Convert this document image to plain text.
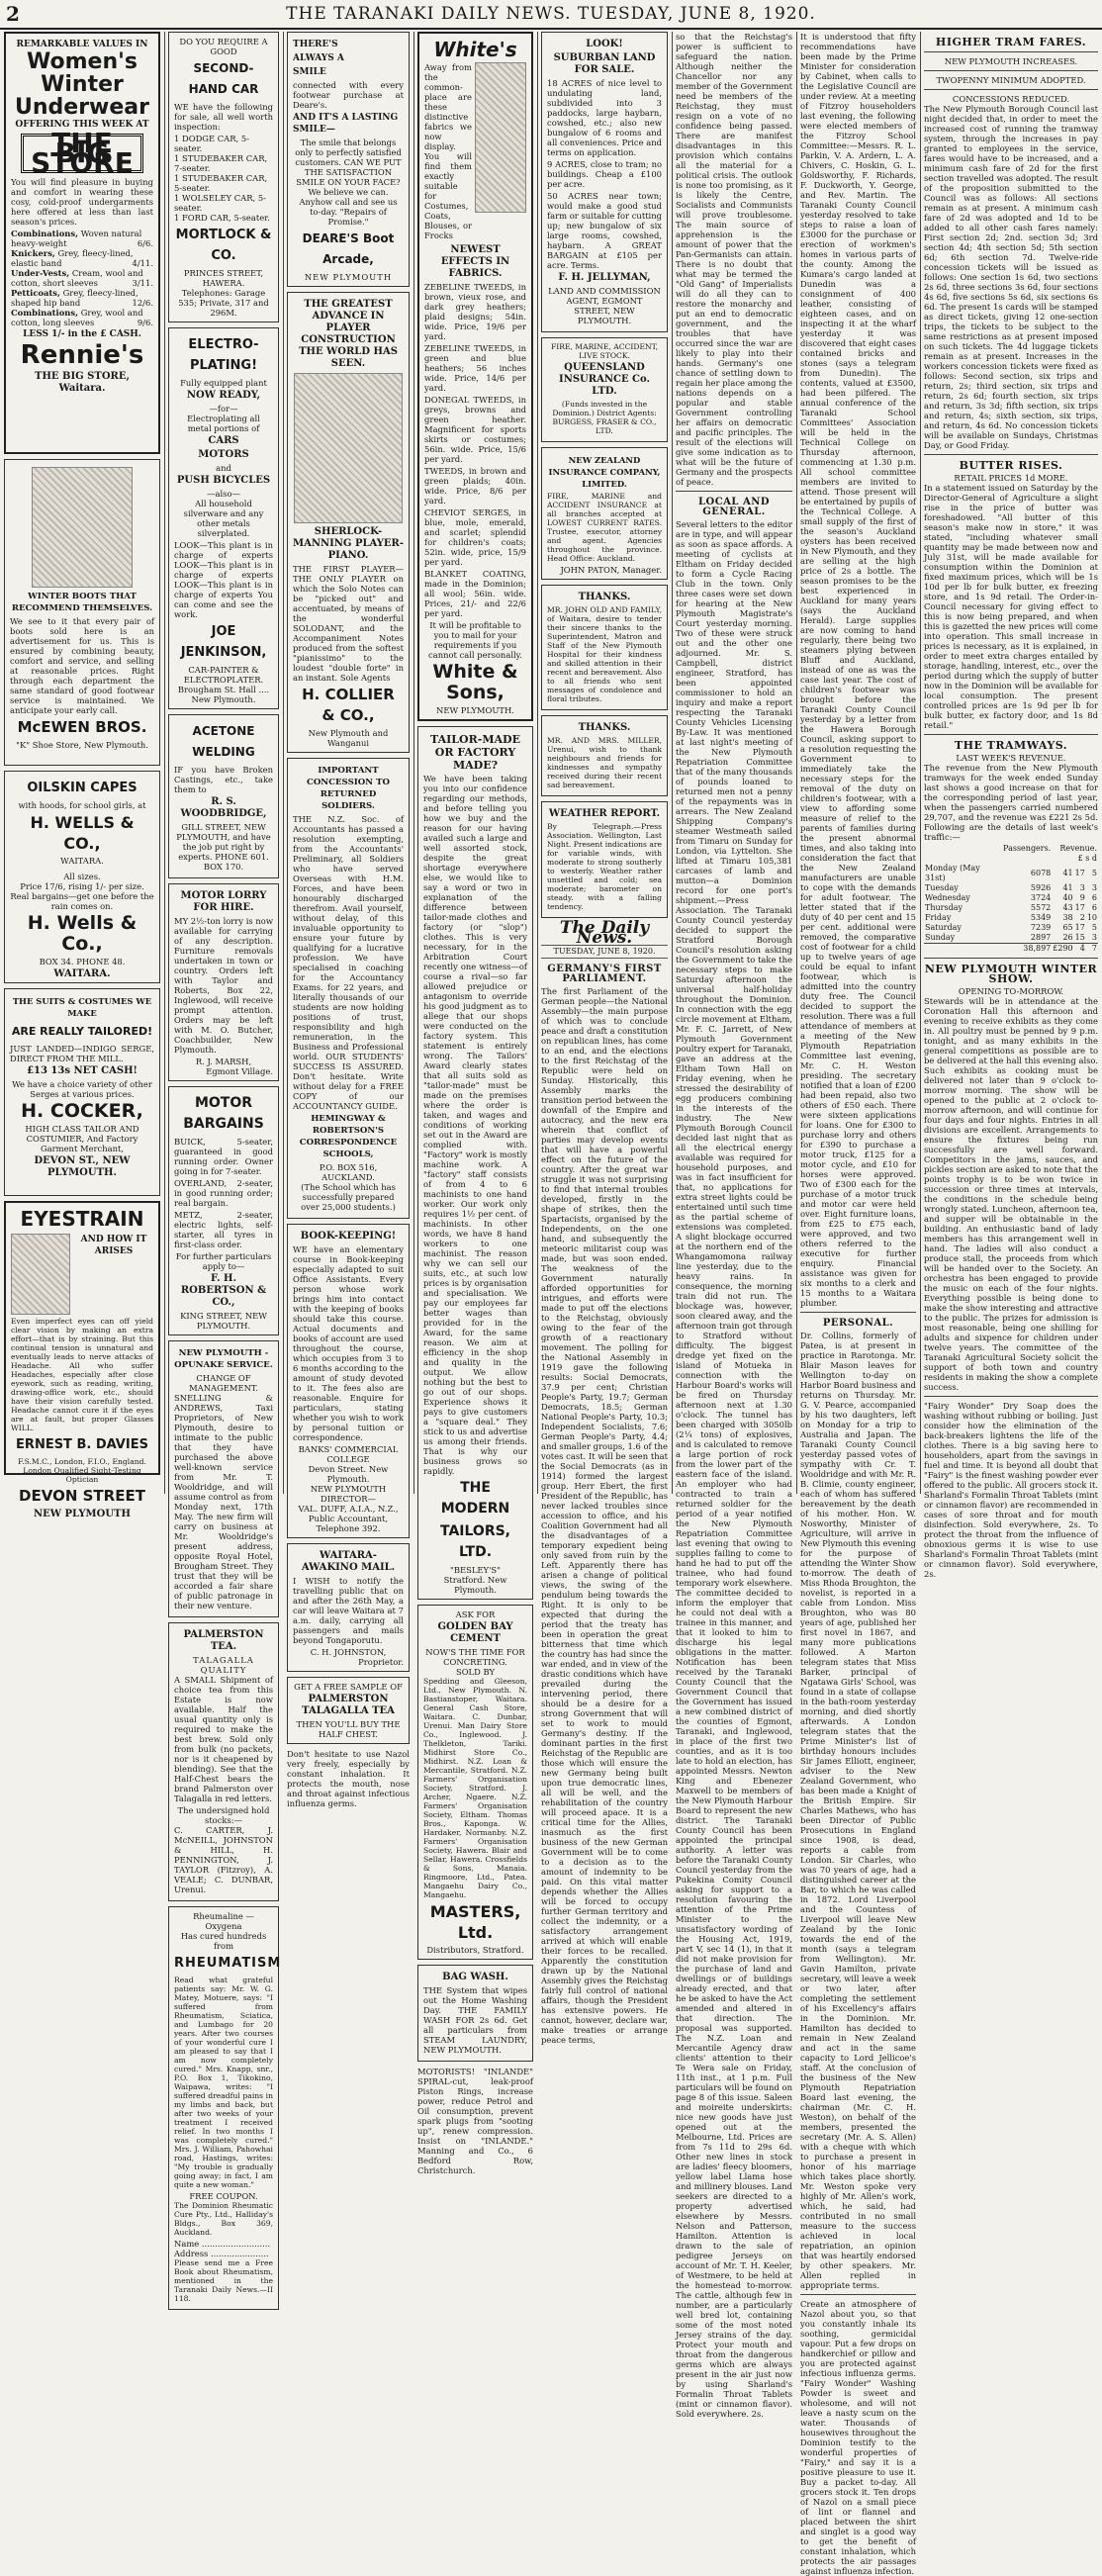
2	THE TARANAKI DAILY NEWS. TUESDAY, JUNE 8, 1920.
REMARKABLE VALUES IN
Women's
Winter
Underwear
OFFERING THIS WEEK AT
THE BIG STORE

You will find pleasure in buying and comfort in wearing these cosy, cold-proof undergarments here offered at less than last season's prices.

Combinations, Woven natural heavy-weight	6/6.
Knickers, Grey, fleecy-lined, elastic band	4/11.
Under-Vests, Cream, wool and cotton, short sleeves	3/11.
Petticoats, Grey, fleecy-lined, shaped hip band	12/6.
Combinations, Grey, wool and cotton, long sleeves	9/6.
LESS 1/- in the £ CASH.
Rennie's
THE BIG STORE, Waitara.
WINTER BOOTS THAT RECOMMEND THEMSELVES.

We see to it that every pair of boots sold here is an advertisement for us. This is ensured by combining beauty, comfort and service, and selling at reasonable prices. Right through each department the same standard of good footwear service is maintained. We anticipate your early call.

McEWEN BROS.
"K" Shoe Store, New Plymouth.
OILSKIN CAPES
with hoods, for school girls, at
H. WELLS & CO.,
WAITARA.
All sizes.

Price 17/6, rising 1/- per size. Real bargains—get one before the rain comes on.

H. Wells & Co.,
BOX 34. PHONE 48.
WAITARA.
THE SUITS & COSTUMES WE MAKE
ARE REALLY TAILORED!

JUST LANDED—INDIGO SERGE, DIRECT FROM THE MILL.

£13 13s NET CASH!

We have a choice variety of other Serges at various prices.

H. COCKER,
HIGH CLASS TAILOR AND COSTUMIER, And Factory Garment Merchant,
DEVON ST., NEW PLYMOUTH.
EYESTRAIN
AND HOW IT ARISES

Even imperfect eyes can off yield clear vision by making an extra effort—that is by straining. But this continual tension is unnatural and eventually leads to nerve attacks of Headache. All who suffer Headaches, especially after close eyework, such as reading, writing, drawing-office work, etc., should have their vision carefully tested. Headache cannot cure it if the eyes are at fault, but proper Glasses WILL.

ERNEST B. DAVIES
F.S.M.C., London, F.I.O., England. London Qualified Sight-Testing Optician
DEVON STREET
NEW PLYMOUTH
DO YOU REQUIRE A GOOD
SECOND-HAND CAR

WE have the following for sale, all well worth inspection:

1 DODGE CAR, 5-seater.
1 STUDEBAKER CAR, 7-seater.
1 STUDEBAKER CAR, 5-seater.
1 WOLSELEY CAR, 5-seater.
1 FORD CAR, 5-seater.
MORTLOCK & CO.
PRINCES STREET, HAWERA.
Telephones: Garage 535; Private, 317 and 296M.
ELECTRO-PLATING!
Fully equipped plant
NOW READY,
—for—
Electroplating all metal portions of
CARS
MOTORS
and
PUSH BICYCLES
—also—

All household silverware and any other metals silverplated.

LOOK—This plant is in charge of experts LOOK—This plant is in charge of experts LOOK—This plant is in charge of experts You can come and see the work.

JOE JENKINSON,
CAR-PAINTER & ELECTROPLATER.
Brougham St. Hall .... New Plymouth.
ACETONE WELDING

IF you have Broken Castings, etc., take them to

R. S. WOODBRIDGE,

GILL STREET, NEW PLYMOUTH, and have the job put right by experts. PHONE 601. BOX 170.

MOTOR LORRY FOR HIRE.

MY 2½-ton lorry is now available for carrying of any description. Furniture removals undertaken in town or country. Orders left with Taylor and Roberts, Box 22, Inglewood, will receive prompt attention. Orders may be left with M. O. Butcher, Coachbuilder, New Plymouth.

R. J. MARSH,
Egmont Village.
MOTOR BARGAINS

BUICK, 5-seater, guaranteed in good running order. Owner going in for 7-seater.

OVERLAND, 2-seater, in good running order; real bargain.

METZ, 2-seater, electric lights, self-starter, all tyres in first-class order.

For further particulars apply to—
F. H. ROBERTSON & CO.,
KING STREET, NEW PLYMOUTH.
NEW PLYMOUTH - OPUNAKE SERVICE.
CHANGE OF MANAGEMENT.

SNELLING & ANDREWS, Taxi Proprietors, of New Plymouth, desire to intimate to the public that they have purchased the above well-known service from Mr. T. Wooldridge, and will assume control as from Monday next, 17th May. The new firm will carry on business at Mr. Wooldridge's present address, opposite Royal Hotel, Brougham Street. They trust that they will be accorded a fair share of public patronage in their new venture.

PALMERSTON TEA.
TALAGALLA QUALITY

A SMALL Shipment of choice tea from this Estate is now available. Half the usual quantity only is required to make the best brew. Sold only from bulk (no packets, nor is it cheapened by blending). See that the Half-Chest bears the brand Palmerston over Talagalla in red letters.

The undersigned hold stocks:—

C. CARTER, J. McNEILL, JOHNSTON & HILL, H. PENNINGTON, J. TAYLOR (Fitzroy), A. VEALE; C. DUNBAR, Urenui.

Rheumaline — Oxygena
Has cured hundreds from
RHEUMATISM

Read what grateful patients say: Mr. W. G. Matey, Motuere, says: "I suffered from Rheumatism, Sciatica, and Lumbago for 20 years. After two courses of your wonderful cure I am pleased to say that I am now completely cured." Mrs. Knapp, snr., P.O. Box 1, Tikokino, Waipawa, writes: "I suffered dreadful pains in my limbs and back, but after two weeks of your treatment I received relief. In two months I was completely cured." Mrs. J. William, Pahowhai road, Hastings, writes: "My trouble is gradually going away; in fact, I am quite a new woman."

FREE COUPON.

The Dominion Rheumatic Cure Pty., Ltd., Halliday's Bldgs., Box 369, Auckland.

Name ..........................
Address ......................

Please send me a Free Book about Rheumatism, mentioned in the Taranaki Daily News.—II 118.

THERE'S
ALWAYS A
SMILE

connected with every footwear purchase at Deare's.

AND IT'S A LASTING SMILE—

The smile that belongs only to perfectly satisfied customers. CAN WE PUT THE SATISFACTION SMILE ON YOUR FACE? We believe we can. Anyhow call and see us to-day. "Repairs of Promise."

DEARE'S Boot Arcade,
NEW PLYMOUTH
THE GREATEST ADVANCE IN PLAYER CONSTRUCTION THE WORLD HAS SEEN.
SHERLOCK-MANNING PLAYER-PIANO.

THE FIRST PLAYER—THE ONLY PLAYER on which the Solo Notes can be "picked out" and accentuated, by means of the wonderful SOLODANT, and the Accompaniment Notes produced from the softest "pianissimo" to the loudest "double forte" in an instant. Sole Agents

H. COLLIER & CO.,
New Plymouth and Wanganui
IMPORTANT CONCESSION TO RETURNED SOLDIERS.

THE N.Z. Soc. of Accountants has passed a resolution exempting, from the Accountants' Preliminary, all Soldiers who have served Overseas with H.M. Forces, and have been honourably discharged therefrom. Avail yourself, without delay, of this invaluable opportunity to ensure your future by qualifying for a lucrative profession. We have specialised in coaching for the Accountancy Exams. for 22 years, and literally thousands of our students are now holding positions of trust, responsibility and high remuneration, in the Business and Professional world. OUR STUDENTS' SUCCESS IS ASSURED. Don't hesitate. Write without delay for a FREE COPY of our ACCOUNTANCY GUIDE.

HEMINGWAY & ROBERTSON'S CORRESPONDENCE SCHOOLS,
P.O. BOX 516, AUCKLAND.

(The School which has successfully prepared over 25,000 students.)

BOOK-KEEPING!

WE have an elementary course in Book-keeping especially adapted to suit Office Assistants. Every person whose work brings him into contact with the keeping of books should take this course. Actual documents and books of account are used throughout the course, which occupies from 3 to 6 months according to the amount of study devoted to it. The fees also are reasonable. Enquire for particulars, stating whether you wish to work by personal tuition or correspondence.

BANKS' COMMERCIAL COLLEGE
Devon Street. New Plymouth.
NEW PLYMOUTH DIRECTOR—
VAL. DUFF, A.I.A., N.Z.,
Public Accountant, Telephone 392.
WAITARA-AWAKINO MAIL.

I WISH to notify the travelling public that on and after the 26th May, a car will leave Waitara at 7 a.m. daily, carrying all passengers and mails beyond Tongaporutu.

C. H. JOHNSTON,
Proprietor.
GET A FREE SAMPLE OF
PALMERSTON TALAGALLA TEA
THEN YOU'LL BUY THE HALF CHEST.

Don't hesitate to use Nazol very freely, especially by constant inhalation. It protects the mouth, nose and throat against infectious influenza germs.

White's

Away from the common-place are these distinctive fabrics we now display. You will find them exactly suitable for Costumes, Coats, Blouses, or Frocks

NEWEST EFFECTS IN FABRICS.

ZEBELINE TWEEDS, in brown, vieux rose, and dark grey heathers; plaid designs; 54in. wide. Price, 19/6 per yard.

ZEBELINE TWEEDS, in green and blue heathers; 56 inches wide. Price, 14/6 per yard.

DONEGAL TWEEDS, in greys, browns and green heather. Magnificent for sports skirts or costumes; 56in. wide. Price, 15/6 per yard.

TWEEDS, in brown and green plaids; 40in. wide. Price, 8/6 per yard.

CHEVIOT SERGES, in blue, mole, emerald, and scarlet; splendid for children's coats; 52in. wide, price, 15/9 per yard.

BLANKET COATING, made in the Dominion; all wool; 56in. wide. Prices, 21/- and 22/6 per yard.

It will be profitable to you to mail for your requirements if you cannot call personally.

White & Sons,
NEW PLYMOUTH.
TAILOR-MADE OR FACTORY MADE?

We have been taking you into our confidence regarding our methods, and before telling you how we buy and the reason for our having availed such a large and well assorted stock, despite the great shortage everywhere else, we would like to say a word or two in explanation of the difference between tailor-made clothes and factory (or "slop") clothes. This is very necessary, for in the Arbitration Court recently one witness—of course a rival—so far allowed prejudice or antagonism to override his good judgment as to allege that our shops were conducted on the factory system. This statement is entirely wrong. The Tailors' Award clearly states that all suits sold as "tailor-made" must be made on the premises where the order is taken, and wages and conditions of working set out in the Award are complied with. "Factory" work is mostly machine work. A "factory" staff consists of from 4 to 6 machinists to one hand worker. Our work only requires 1½ per cent. of machinists. In other words, we have 8 hand workers to one machinist. The reason why we can sell our suits, etc., at such low prices is by organisation and specialisation. We pay our employees far better wages than provided for in the Award, for the same reason. We aim at efficiency in the shop and quality in the output. We allow nothing but the best to go out of our shops. Experience shows it pays to give customers a "square deal." They stick to us and advertise us among their friends. That is why our business grows so rapidly.

THE MODERN
TAILORS, LTD.
"BESLEY'S"
Stratford. New Plymouth.
ASK FOR
GOLDEN BAY CEMENT
NOW'S THE TIME FOR CONCRETING.
SOLD BY

Spedding and Gleeson, Ltd., New Plymouth. N. Bastianstoper, Waitara. General Cash Store, Waitara. C. Dunbar, Urenui. Man Dairy Store Co., Inglewood. J. Thelkleton, Tariki. Midhirst Store Co., Midhirst. N.Z. Loan & Mercantile, Stratford. N.Z. Farmers' Organisation Society, Stratford. J. Archer, Ngaere. N.Z. Farmers' Organisation Society, Eltham. Thomas Bros., Kaponga. W. Hardaker, Normanby. N.Z. Farmers' Organisation Society, Hawera. Blair and Sellar, Hawera. Crossfields & Sons, Manaia. Ringmoore, Ltd., Patea. Mangaehu Dairy Co., Mangaehu.

MASTERS, Ltd.
Distributors, Stratford.
BAG WASH.

THE System that wipes out the Home Washing Day. THE FAMILY WASH FOR 2s 6d. Get all particulars from STEAM LAUNDRY, NEW PLYMOUTH.

MOTORISTS! "INLANDE" SPIRAL-cut, leak-proof Piston Rings, increase power, reduce Petrol and Oil consumption, prevent spark plugs from "sooting up", renew compression. Insist on "INLANDE." Manning and Co., 6 Bedford Row, Christchurch.

LOOK!
SUBURBAN LAND FOR SALE.

18 ACRES of nice level to undulating land, subdivided into 3 paddocks, large haybarn, cowshed, etc.; also new bungalow of 6 rooms and all conveniences. Price and terms on application.

9 ACRES, close to tram; no buildings. Cheap a £100 per acre.

50 ACRES near town; would make a good stud farm or suitable for cutting up; new bungalow of six large rooms, cowshed, haybarn. A GREAT BARGAIN at £105 per acre. Terms.

F. H. JELLYMAN,

LAND AND COMMISSION AGENT, EGMONT STREET, NEW PLYMOUTH.

FIRE, MARINE, ACCIDENT, LIVE STOCK.
QUEENSLAND INSURANCE Co. LTD.

(Funds invested in the Dominion.) District Agents: BURGESS, FRASER & CO., LTD.

NEW ZEALAND INSURANCE COMPANY, LIMITED.

FIRE, MARINE and ACCIDENT INSURANCE at all branches accepted at LOWEST CURRENT RATES. Trustee, executor, attorney and agent. Agencies throughout the province. Head Office: Auckland.

JOHN PATON, Manager.
THANKS.

MR. JOHN OLD AND FAMILY, of Waitara, desire to tender their sincere thanks to the Superintendent, Matron and Staff of the New Plymouth Hospital for their kindness and skilled attention in their recent and bereavement. Also to all friends who sent messages of condolence and floral tributes.

THANKS.

MR. AND MRS. MILLER, Urenui, wish to thank neighbours and friends for kindnesses and sympathy received during their recent sad bereavement.

WEATHER REPORT.

By Telegraph.—Press Association. Wellington, Last Night. Present indications are for variable winds, with moderate to strong southerly to westerly. Weather rather unsettled and cold; sea moderate; barometer on steady. with a falling tendency.

The Daily News.
TUESDAY, JUNE 8, 1920.
GERMANY'S FIRST PARLIAMENT.

The first Parliament of the German people—the National Assembly—the main purpose of which was to conclude peace and draft a constitution on republican lines, has come to an end, and the elections to the first Reichstag of the Republic were held on Sunday. Historically, this Assembly marks the transition period between the downfall of the Empire and autocracy, and the new era wherein that conflict of parties may develop events that will have a powerful effect on the future of the country. After the great war struggle it was not surprising to find that internal troubles developed, firstly in the shape of strikes, then the Spartacists, organised by the Independents, on the one hand, and subsequently the meteoric militarist coup was made, but was soon ended. The weakness of the Government naturally afforded opportunities for intrigues, and efforts were made to put off the elections to the Reichstag, obviously owing to the fear of the growth of a reactionary movement. The polling for the National Assembly in 1919 gave the following results: Social Democrats, 37.9 per cent; Christian People's Party, 19.7; German Democrats, 18.5; German National People's Party, 10.3; Independent Socialists, 7.6; German People's Party, 4.4; and smaller groups, 1.6 of the votes cast. It will be seen that the Social Democrats (as in 1914) formed the largest group. Herr Ebert, the first President of the Republic, has never lacked troubles since accession to office, and his Coalition Government had all the disadvantages of a temporary expedient being only saved from ruin by the Left. Apparently there has arisen a change of political views, the swing of the pendulum being towards the Right. It is only to be expected that during the period that the treaty has been in operation the great bitterness that time which the country has had since the war ended, and in view of the drastic conditions which have prevailed during the intervening period, there should be a desire for a strong Government that will set to work to mould Germany's destiny. If the dominant parties in the first Reichstag of the Republic are those which will ensure the new Germany being built upon true democratic lines, all will be well, and the rehabilitation of the country will proceed apace. It is a critical time for the Allies, inasmuch as the first business of the new German Government will be to come to a decision as to the amount of indemnity to be paid. On this vital matter depends whether the Allies will be forced to occupy further German territory and collect the indemnity, or a satisfactory arrangement arrived at which will enable their forces to be recalled. Apparently the constitution drawn up by the National Assembly gives the Reichstag fairly full control of national affairs, though the President has extensive powers. He cannot, however, declare war, make treaties or arrange peace terms,

so that the Reichstag's power is sufficient to safeguard the nation. Although neither the Chancellor nor any member of the Government need be members of the Reichstag, they must resign on a vote of no confidence being passed. There are manifest disadvantages in this provision which contains all the material for a political crisis. The outlook is none too promising, as it is likely the Centre, Socialists and Communists will prove troublesome. The main source of apprehension is the amount of power that the Pan-Germanists can attain. There is no doubt that what may be termed the "Old Gang" of Imperialists will do all they can to restore the monarchy and put an end to democratic government, and the troubles that have occurred since the war are likely to play into their hands. Germany's one chance of settling down to regain her place among the nations depends on a popular and stable Government controlling her affairs on democratic and pacific principles. The result of the elections will give some indication as to what will be the future of Germany and the prospects of peace.

LOCAL AND GENERAL.

Several letters to the editor are in type, and will appear as soon as space affords. A meeting of cyclists at Eltham on Friday decided to form a Cycle Racing Club in the town. Only three cases were set down for hearing at the New Plymouth Magistrate's Court yesterday morning. Two of these were struck out and the other one adjourned. Mr. S. Campbell, district engineer, Stratford, has been appointed commissioner to hold an inquiry and make a report respecting the Taranaki County Vehicles Licensing By-Law. It was mentioned at last night's meeting of the New Plymouth Repatriation Committee that of the many thousands of pounds loaned to returned men not a penny of the repayments was in arrears. The New Zealand Shipping Company's steamer Westmeath sailed from Timaru on Sunday for London, via Lyttelton. She lifted at Timaru 105,381 carcases of lamb and mutton—a Dominion record for one port's shipment.—Press Association. The Taranaki County Council yesterday decided to support the Stratford Borough Council's resolution asking the Government to take the necessary steps to make Saturday afternoon the universal half-holiday throughout the Dominion. In connection with the egg circle movement at Eltham, Mr. F. C. Jarrett, of New Plymouth Government poultry expert for Taranaki, gave an address at the Eltham Town Hall on Friday evening, when he stressed the desirability of egg producers combining in the interests of the industry. The New Plymouth Borough Council decided last night that as all the electrical energy available was required for household purposes, and was in fact insufficient for that, no applications for extra street lights could be entertained until such time as the partial scheme of extensions was completed. A slight blockage occurred at the northern end of the Whangamomona railway line yesterday, due to the heavy rains. In consequence, the morning train did not run. The blockage was, however, soon cleared away, and the afternoon train got through to Stratford without difficulty. The biggest dredge yet fixed on the island of Motueka in connection with the Harbour Board's works will be fired on Thursday afternoon next at 1.30 o'clock. The tunnel has been charged with 3050lb (2¼ tons) of explosives, and is calculated to remove a large portion of rock from the lower part of the eastern face of the island. An employer who had contracted to train a returned soldier for the period of a year notified the New Plymouth Repatriation Committee last evening that owing to supplies failing to come to hand he had to put off the trainee, who had found temporary work elsewhere. The committee decided to inform the employer that he could not deal with a trainee in this manner, and that it looked to him to discharge his legal obligations in the matter. Notification has been received by the Taranaki County Council that the Government Council that the Government has issued a new combined district of the counties of Egmont, Taranaki, and Inglewood, in place of the first two counties, and as it is too late to hold an election, has appointed Messrs. Newton King and Ebenezer Maxwell to be members of the New Plymouth Harbour Board to represent the new district. The Taranaki County Council has been appointed the principal authority. A letter was before the Taranaki County Council yesterday from the Pukekina Comity Council asking for support to a resolution favouring the attention of the Prime Minister to the unsatisfactory wording of the Housing Act, 1919, part V, sec 14 (1), in that it did not make provision for the purchase of land and dwellings or of buildings already erected, and that he be asked to have the Act amended and altered in that direction. The proposal was supported. The N.Z. Loan and Mercantile Agency draw clients' attention to their Te Wera sale on Friday, 11th inst., at 1 p.m. Full particulars will be found on page 8 of this issue. Saleen and moireite underskirts: nice new goods have just opened out at the Melbourne, Ltd. Prices are from 7s 11d to 29s 6d. Other new lines in stock are ladies' fleecy bloomers, yellow label Llama hose and millinery blouses. Land seekers are directed to a property advertised elsewhere by Messrs. Nelson and Patterson, Hamilton. Attention is drawn to the sale of pedigree Jerseys on account of Mr. T. H. Keeler, of Westmere, to be held at the homestead to-morrow. The cattle, although few in number, are a particularly well bred lot, containing some of the most noted Jersey strains of the day. Protect your mouth and throat from the dangerous germs which are always present in the air just now by using Sharland's Formalin Throat Tablets (mint or cinnamon flavor). Sold everywhere. 2s.

It is understood that fifty recommendations have been made by the Prime Minister for consideration by Cabinet, when calls to the Legislative Council are under review. At a meeting of Fitzroy householders last evening, the following were elected members of the Fitzroy School Committee:—Messrs. R. L. Parkin, V. A. Ardern, L. A. Chivers, C. Hoskin, G. L. Goldsworthy, F. Richards, F. Duckworth, Y. George, and Rev. Martin. The Taranaki County Council yesterday resolved to take steps to raise a loan of £3000 for the purchase or erection of workmen's homes in various parts of the county. Among the Kumara's cargo landed at Dunedin was a consignment of 400 leather, consisting of eighteen cases, and on inspecting it at the wharf yesterday it was discovered that eight cases contained bricks and stones (says a telegram from Dunedin). The contents, valued at £3500, had been pilfered. The annual conference of the Taranaki School Committees' Association will be held in the Technical College on Thursday afternoon, commencing at 1.30 p.m. All school committee members are invited to attend. Those present will be entertained by pupils of the Technical College. A small supply of the first of the season's Auckland oysters has been received in New Plymouth, and they are selling at the high price of 2s a bottle. The season promises to be the best experienced in Auckland for many years (says the Auckland Herald). Large supplies are now coming to hand regularly, there being two steamers plying between Bluff and Auckland, instead of one as was the case last year. The cost of children's footwear was brought before the Taranaki County Council yesterday by a letter from the Hawera Borough Council, asking support to a resolution requesting the Government to immediately take the necessary steps for the removal of the duty on children's footwear, with a view to affording some measure of relief to the parents of families during the present abnormal times, and also taking into consideration the fact that the New Zealand manufacturers are unable to cope with the demands for adult footwear. The letter stated that if the duty of 40 per cent and 15 per cent. additional were removed, the comparative cost of footwear for a child up to twelve years of age could be equal to infant footwear, which is admitted into the country duty free. The Council decided to support the resolution. There was a full attendance of members at a meeting of the New Plymouth Repatriation Committee last evening, Mr. C. H. Weston presiding. The secretary notified that a loan of £200 had been repaid, also two others of £50 each. There were sixteen applications for loans. One for £300 to purchase lorry and others for £390 to purchase a motor truck, £125 for a motor cycle, and £10 for horses were approved. Two of £300 each for the purchase of a motor truck and motor car were held over. Eight furniture loans, from £25 to £75 each, were approved, and two others referred to the executive for further enquiry. Financial assistance was given for six months to a clerk and 15 months to a Waitara plumber.

PERSONAL.

Dr. Collins, formerly of Patea, is at present in practice in Rarotonga. Mr. Blair Mason leaves for Wellington to-day on Harbor Board business and returns on Thursday. Mr. G. V. Pearce, accompanied by his two daughters, left on Monday for a trip to Australia and Japan. The Taranaki County Council yesterday passed votes of sympathy with Cr. T. Wooldridge and with Mr. R. B. Climie, county engineer, each of whom has suffered bereavement by the death of his mother. Hon. W. Nosworthy, Minister of Agriculture, will arrive in New Plymouth this evening for the purpose of attending the Winter Show to-morrow. The death of Miss Rhoda Broughton, the novelist, is reported in a cable from London. Miss Broughton, who was 80 years of age, published her first novel in 1867, and many more publications followed. A Marton telegram states that Miss Barker, principal of Ngatawa Girls' School, was found in a state of collapse in the bath-room yesterday morning, and died shortly afterwards. A London telegram states that the Prime Minister's list of birthday honours includes Sir James Elliott, engineer, adviser to the New Zealand Government, who has been made a Knight of the British Empire. Sir Charles Mathews, who has been Director of Public Prosecutions in England since 1908, is dead, reports a cable from London. Sir Charles, who was 70 years of age, had a distinguished career at the Bar, to which he was called in 1872. Lord Liverpool and the Countess of Liverpool will leave New Zealand by the Ionic towards the end of the month (says a telegram from Wellington). Mr. Gavin Hamilton, private secretary, will leave a week or two later, after completing the settlement of his Excellency's affairs in the Dominion. Mr. Hamilton has decided to remain in New Zealand and act in the same capacity to Lord Jellicoe's staff. At the conclusion of the business of the New Plymouth Repatriation Board last evening, the chairman (Mr. C. H. Weston), on behalf of the members, presented the secretary (Mr. A. S. Allen) with a cheque with which to purchase a present in honor of his marriage which takes place shortly. Mr. Weston spoke very highly of Mr. Allen's work, which, he said, had contributed in no small measure to the success achieved in local repatriation, an opinion that was heartily endorsed by other speakers. Mr. Allen replied in appropriate terms.

Create an atmosphere of Nazol about you, so that you constantly inhale its soothing, germicidal vapour. Put a few drops on handkerchief or pillow and you are protected against infectious influenza germs. "Fairy Wonder" Washing Powder is sweet and wholesome, and will not leave a nasty scum on the water. Thousands of housewives throughout the Dominion testify to the wonderful properties of "Fairy," and say it is a positive pleasure to use it. Buy a packet to-day. All grocers stock it. Ten drops of Nazol on a small piece of lint or flannel and placed between the shirt and singlet is a good way to get the benefit of constant inhalation, which protects the air passages against influenza infection.

HIGHER TRAM FARES.
NEW PLYMOUTH INCREASES.
TWOPENNY MINIMUM ADOPTED.
CONCESSIONS REDUCED.

The New Plymouth Borough Council last night decided that, in order to meet the increased cost of running the tramway system, through the increases in pay granted to employees in the service, fares would have to be increased, and a minimum cash fare of 2d for the first section travelled was adopted. The result of the proposition submitted to the Council was as follows: All sections remain as at present. A minimum cash fare of 2d was adopted and 1d to be added to all other cash fares namely: First section 2d; 2nd. section 3d; 3rd section 4d; 4th section 5d; 5th section 6d; 6th section 7d. Twelve-ride concession tickets will be issued as follows: One section 1s 6d, two sections 2s 6d, three sections 3s 6d, four sections 4s 6d, five sections 5s 6d, six sections 6s 6d. The present 1s cards will be stamped as direct tickets, giving 12 one-section trips, the tickets to be subject to the same restrictions as at present imposed on such tickets. The 4d luggage tickets remain as at present. Increases in the workers concession tickets were fixed as follows: Second section, six trips and return, 2s; third section, six trips and return, 2s 6d; fourth section, six trips and return, 3s 3d; fifth section, six trips and return, 4s; sixth section, six trips, and return, 4s 6d. No concession tickets will be available on Sundays, Christmas Day, or Good Friday.

BUTTER RISES.
RETAIL PRICES 1d MORE.

In a statement issued on Saturday by the Director-General of Agriculture a slight rise in the price of butter was foreshadowed. "All butter of this season's make now in store," it was stated, "including whatever small quantity may be made between now and July 31st, will be made available for consumption within the Dominion at fixed maximum prices, which will be 1s 10d per lb for bulk butter, ex freezing store, and 1s 9d retail. The Order-in-Council necessary for giving effect to this is now being prepared, and when this is gazetted the new prices will come into operation. This small increase in prices is necessary, as it is explained, in order to meet extra charges entailed by storage, handling, interest, etc., over the period during which the supply of butter now in the Dominion will be available for local consumption. The present controlled prices are 1s 9d per lb for bulk butter, ex factory door, and 1s 8d retail."

THE TRAMWAYS.
LAST WEEK'S REVENUE.

The revenue from the New Plymouth tramways for the week ended Sunday last shows a good increase on that for the corresponding period of last year, when the passengers carried numbered 29,707, and the revenue was £221 2s 5d. Following are the details of last week's traffic:—

	Passengers.	Revenue.		
		£ s d		
Monday (May 31st)	6078	41	17	5
Tuesday	5926	41	3	3
Wednesday	3724	40	9	6
Thursday	5572	43	17	6
Friday	5349	38	2	10
Saturday	7239	65	17	5
Sunday	2897	26	15	3
	38,897	£290	4	7
NEW PLYMOUTH WINTER SHOW.
OPENING TO-MORROW.

Stewards will be in attendance at the Coronation Hall this afternoon and evening to receive exhibits as they come in. All poultry must be penned by 9 p.m. tonight, and as many exhibits in the general competitions as possible are to be delivered at the hall this evening also. Such exhibits as cooking must be delivered not later than 9 o'clock to-morrow morning. The show will be opened to the public at 2 o'clock to-morrow afternoon, and will continue for four days and four nights. Entries in all divisions are excellent. Arrangements to ensure the fixtures being run successfully are well forward. Competitors in the jams, sauces, and pickles section are asked to note that the points trophy is to be won twice in succession or three times at intervals, the conditions in the schedule being wrongly stated. Luncheon, afternoon tea, and supper will be obtainable in the building. An enthusiastic band of lady members has this arrangement well in hand. The ladies will also conduct a produce stall, the proceeds from which will be handed over to the Society. An orchestra has been engaged to provide the music on each of the four nights. Everything possible is being done to make the show interesting and attractive to the public. The prizes for admission is most reasonable, being one shilling for adults and sixpence for children under twelve years. The committee of the Taranaki Agricultural Society solicit the support of both town and country residents in making the show a complete success.

"Fairy Wonder" Dry Soap does the washing without rubbing or boiling. Just consider how the elimination of the back-breakers lightens the life of the clothes. There is a big saving here to householders, apart from the savings in fuel and time. It is beyond all doubt that "Fairy" is the finest washing powder ever offered to the public. All grocers stock it. Sharland's Formalin Throat Tablets (mint or cinnamon flavor) are recommended in cases of sore throat and for mouth disinfection. Sold everywhere, 2s. To protect the throat from the influence of obnoxious germs it is wise to use Sharland's Formalin Throat Tablets (mint or cinnamon flavor). Sold everywhere, 2s.
